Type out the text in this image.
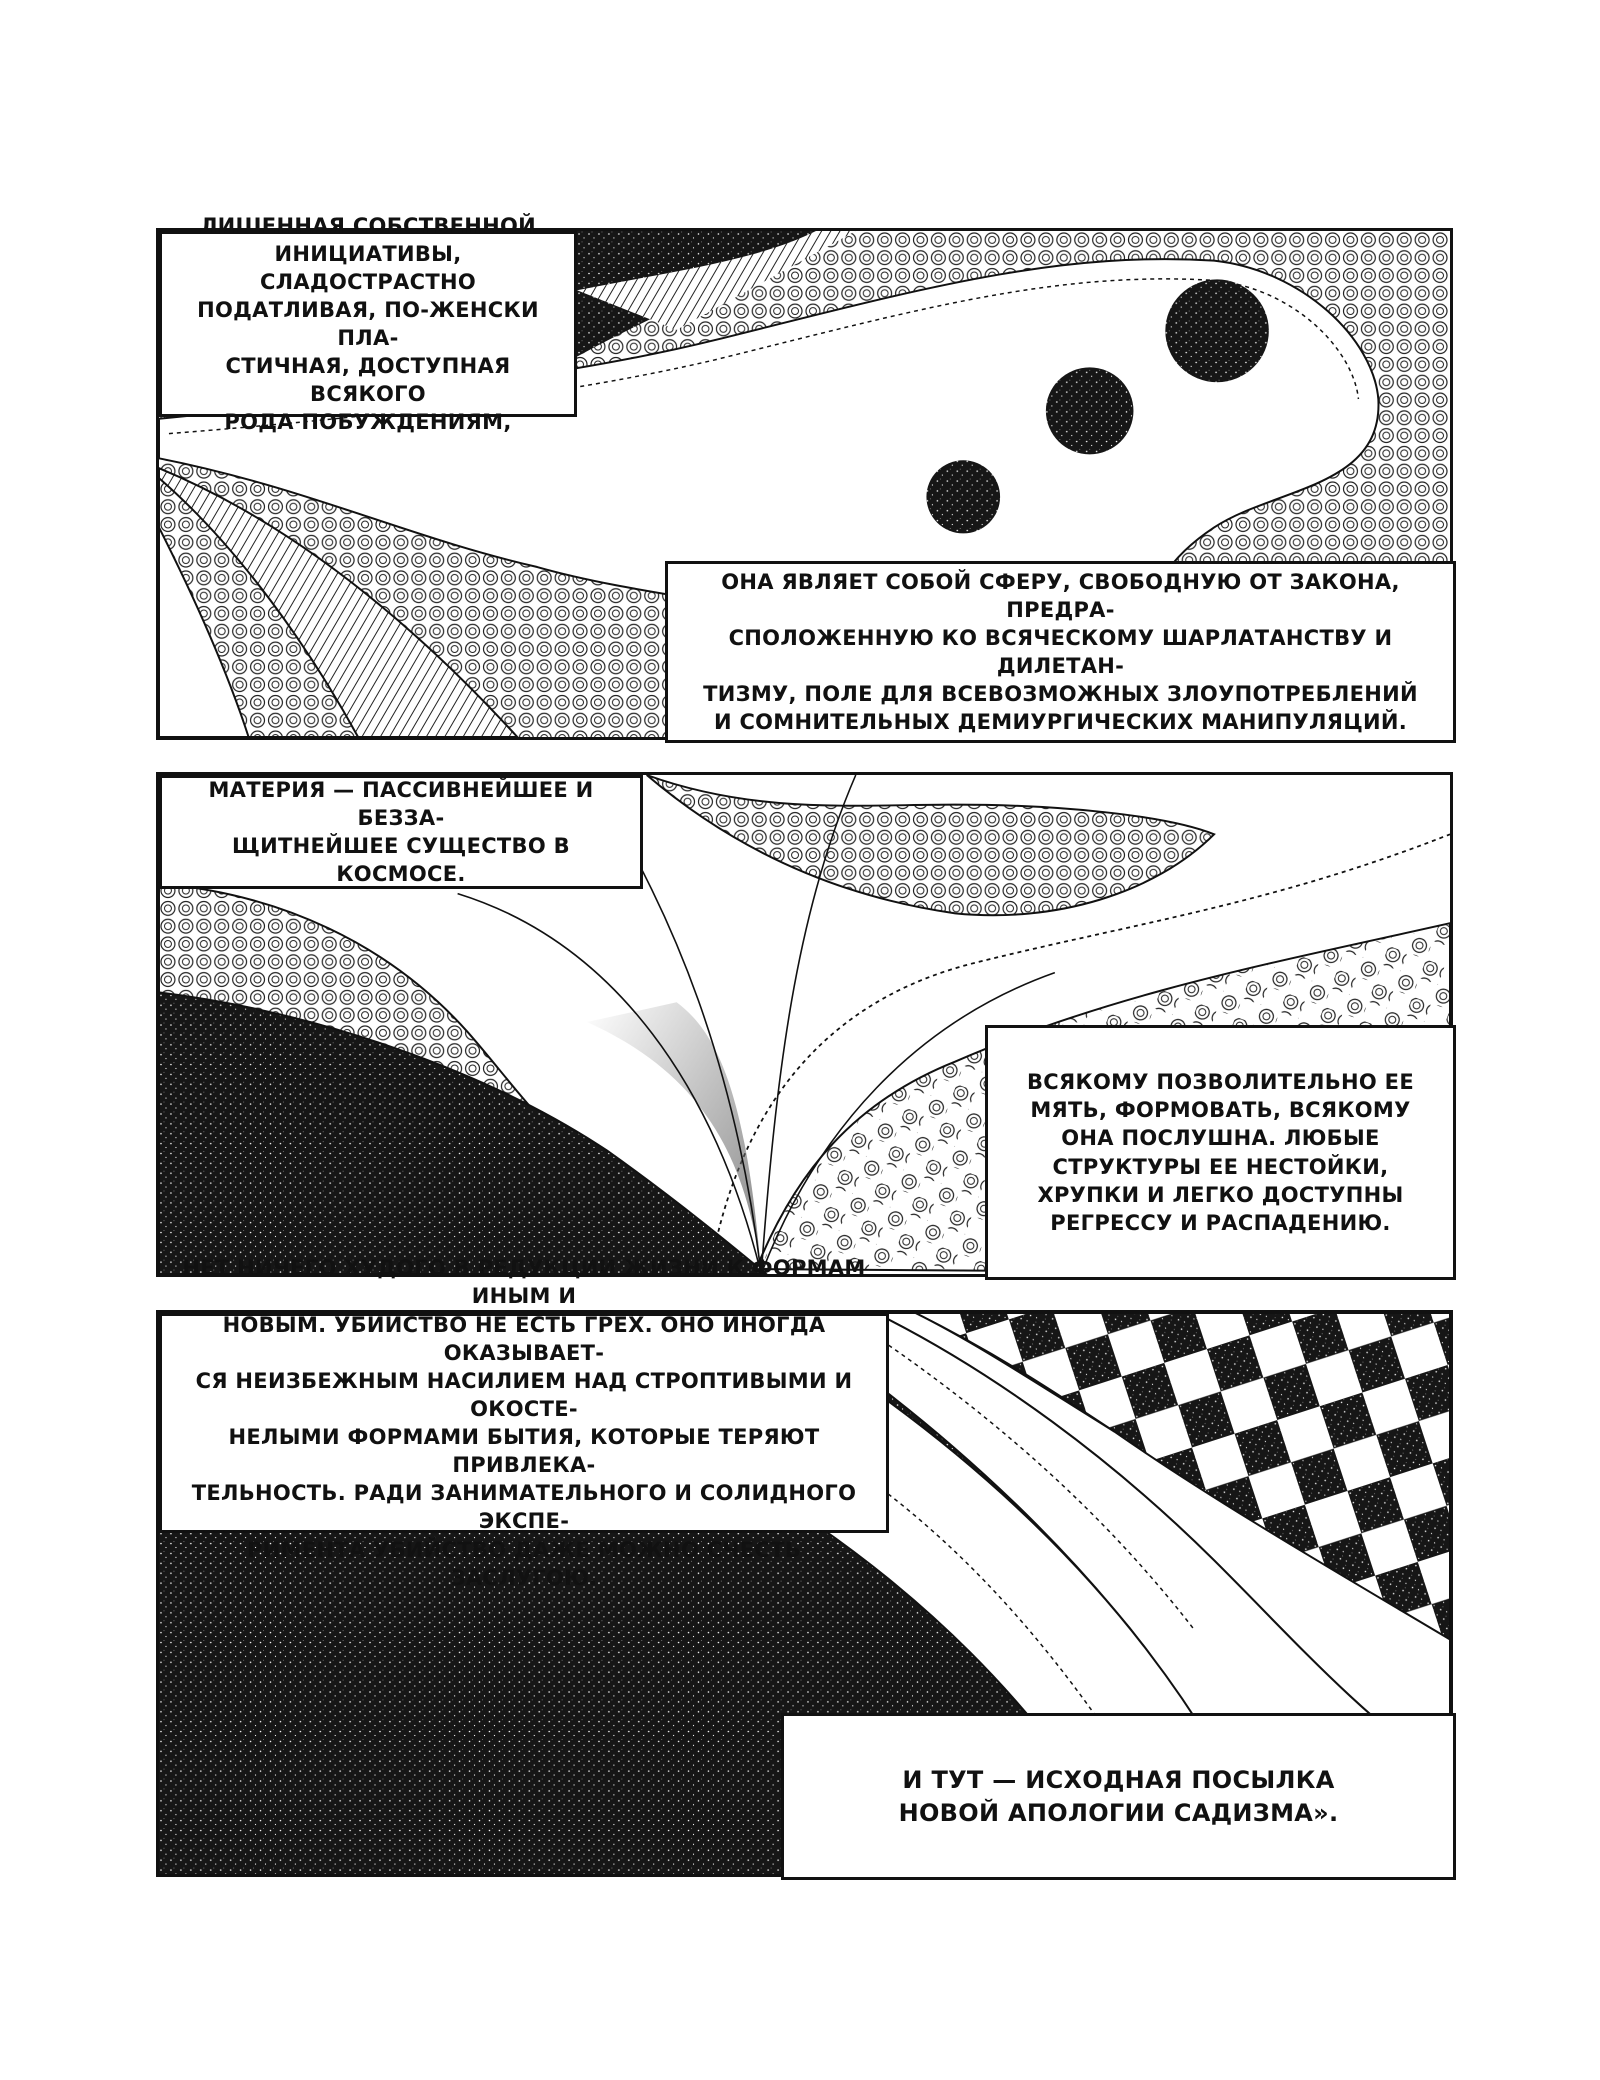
ЛИШЕННАЯ СОБСТВЕННОЙ
ИНИЦИАТИВЫ, СЛАДОСТРАСТНО
ПОДАТЛИВАЯ, ПО-ЖЕНСКИ ПЛА-
СТИЧНАЯ, ДОСТУПНАЯ ВСЯКОГО
РОДА ПОБУЖДЕНИЯМ,
ОНА ЯВЛЯЕТ СОБОЙ СФЕРУ, СВОБОДНУЮ ОТ ЗАКОНА, ПРЕДРА-
СПОЛОЖЕННУЮ КО ВСЯЧЕСКОМУ ШАРЛАТАНСТВУ И ДИЛЕТАН-
ТИЗМУ, ПОЛЕ ДЛЯ ВСЕВОЗМОЖНЫХ ЗЛОУПОТРЕБЛЕНИЙ
И СОМНИТЕЛЬНЫХ ДЕМИУРГИЧЕСКИХ МАНИПУЛЯЦИЙ.
МАТЕРИЯ — ПАССИВНЕЙШЕЕ И БЕЗЗА-
ЩИТНЕЙШЕЕ СУЩЕСТВО В КОСМОСЕ.
ВСЯКОМУ ПОЗВОЛИТЕЛЬНО ЕЕ
МЯТЬ, ФОРМОВАТЬ, ВСЯКОМУ
ОНА ПОСЛУШНА. ЛЮБЫЕ
СТРУКТУРЫ ЕЕ НЕСТОЙКИ,
ХРУПКИ И ЛЕГКО ДОСТУПНЫ
РЕГРЕССУ И РАСПАДЕНИЮ.
НЕТ НИЧЕГО ХУДОГО В РЕДУКЦИИ ЖИЗНИ К ФОРМАМ ИНЫМ И
НОВЫМ. УБИЙСТВО НЕ ЕСТЬ ГРЕХ. ОНО ИНОГДА ОКАЗЫВАЕТ-
СЯ НЕИЗБЕЖНЫМ НАСИЛИЕМ НАД СТРОПТИВЫМИ И ОКОСТЕ-
НЕЛЫМИ ФОРМАМИ БЫТИЯ, КОТОРЫЕ ТЕРЯЮТ ПРИВЛЕКА-
ТЕЛЬНОСТЬ. РАДИ ЗАНИМАТЕЛЬНОГО И СОЛИДНОГО ЭКСПЕ-
РИМЕНТА УБИЙСТВО ДАЖЕ МОЖНО СЧЕСТЬ ЗАСЛУГОЮ.
И ТУТ — ИСХОДНАЯ ПОСЫЛКА
НОВОЙ АПОЛОГИИ САДИЗМА».
